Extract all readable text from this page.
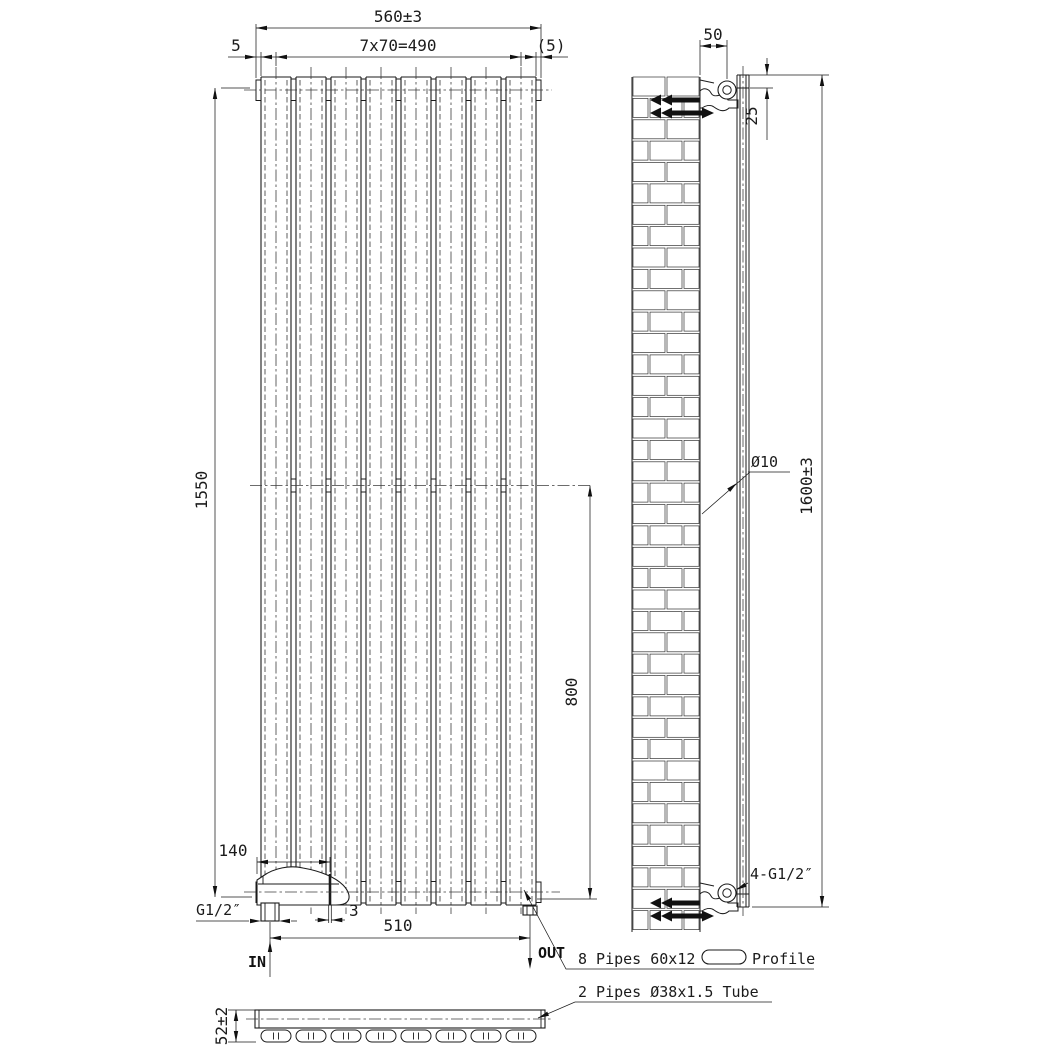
560±3
5	7x70=490	(5)
1550
140
800
3
510
G1/2″
IN	OUT
50
25
1600±3
Ø10
4-G1/2″
52±2
8 Pipes 60x12	Profile
2 Pipes Ø38x1.5 Tube
